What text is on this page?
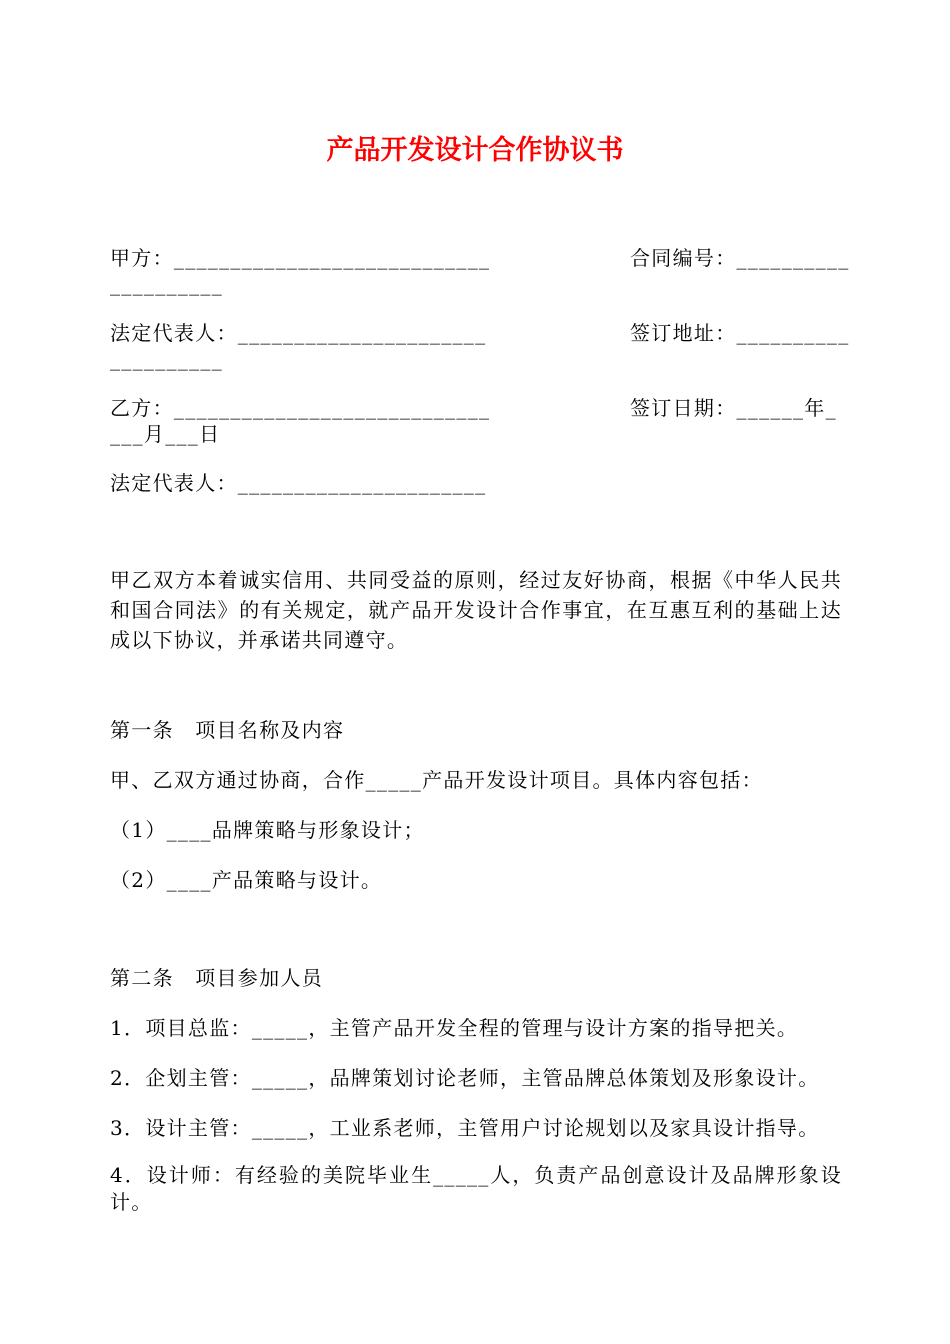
产品开发设计合作协议书
甲方：____________________________	合同编号：__________
__________
法定代表人：______________________	签订地址：__________
__________
乙方：____________________________	签订日期：______年_
___月___日
法定代表人：______________________
甲乙双方本着诚实信用、共同受益的原则，经过友好协商，根据《中华人民共和国合同法》的有关规定，就产品开发设计合作事宜，在互惠互利的基础上达成以下协议，并承诺共同遵守。
第一条　项目名称及内容
甲、乙双方通过协商，合作_____产品开发设计项目。具体内容包括：
（1）____品牌策略与形象设计；
（2）____产品策略与设计。
第二条　项目参加人员
1．项目总监：_____，主管产品开发全程的管理与设计方案的指导把关。
2．企划主管：_____，品牌策划讨论老师，主管品牌总体策划及形象设计。
3．设计主管：_____，工业系老师，主管用户讨论规划以及家具设计指导。
4．设计师：有经验的美院毕业生_____人，负责产品创意设计及品牌形象设计。
